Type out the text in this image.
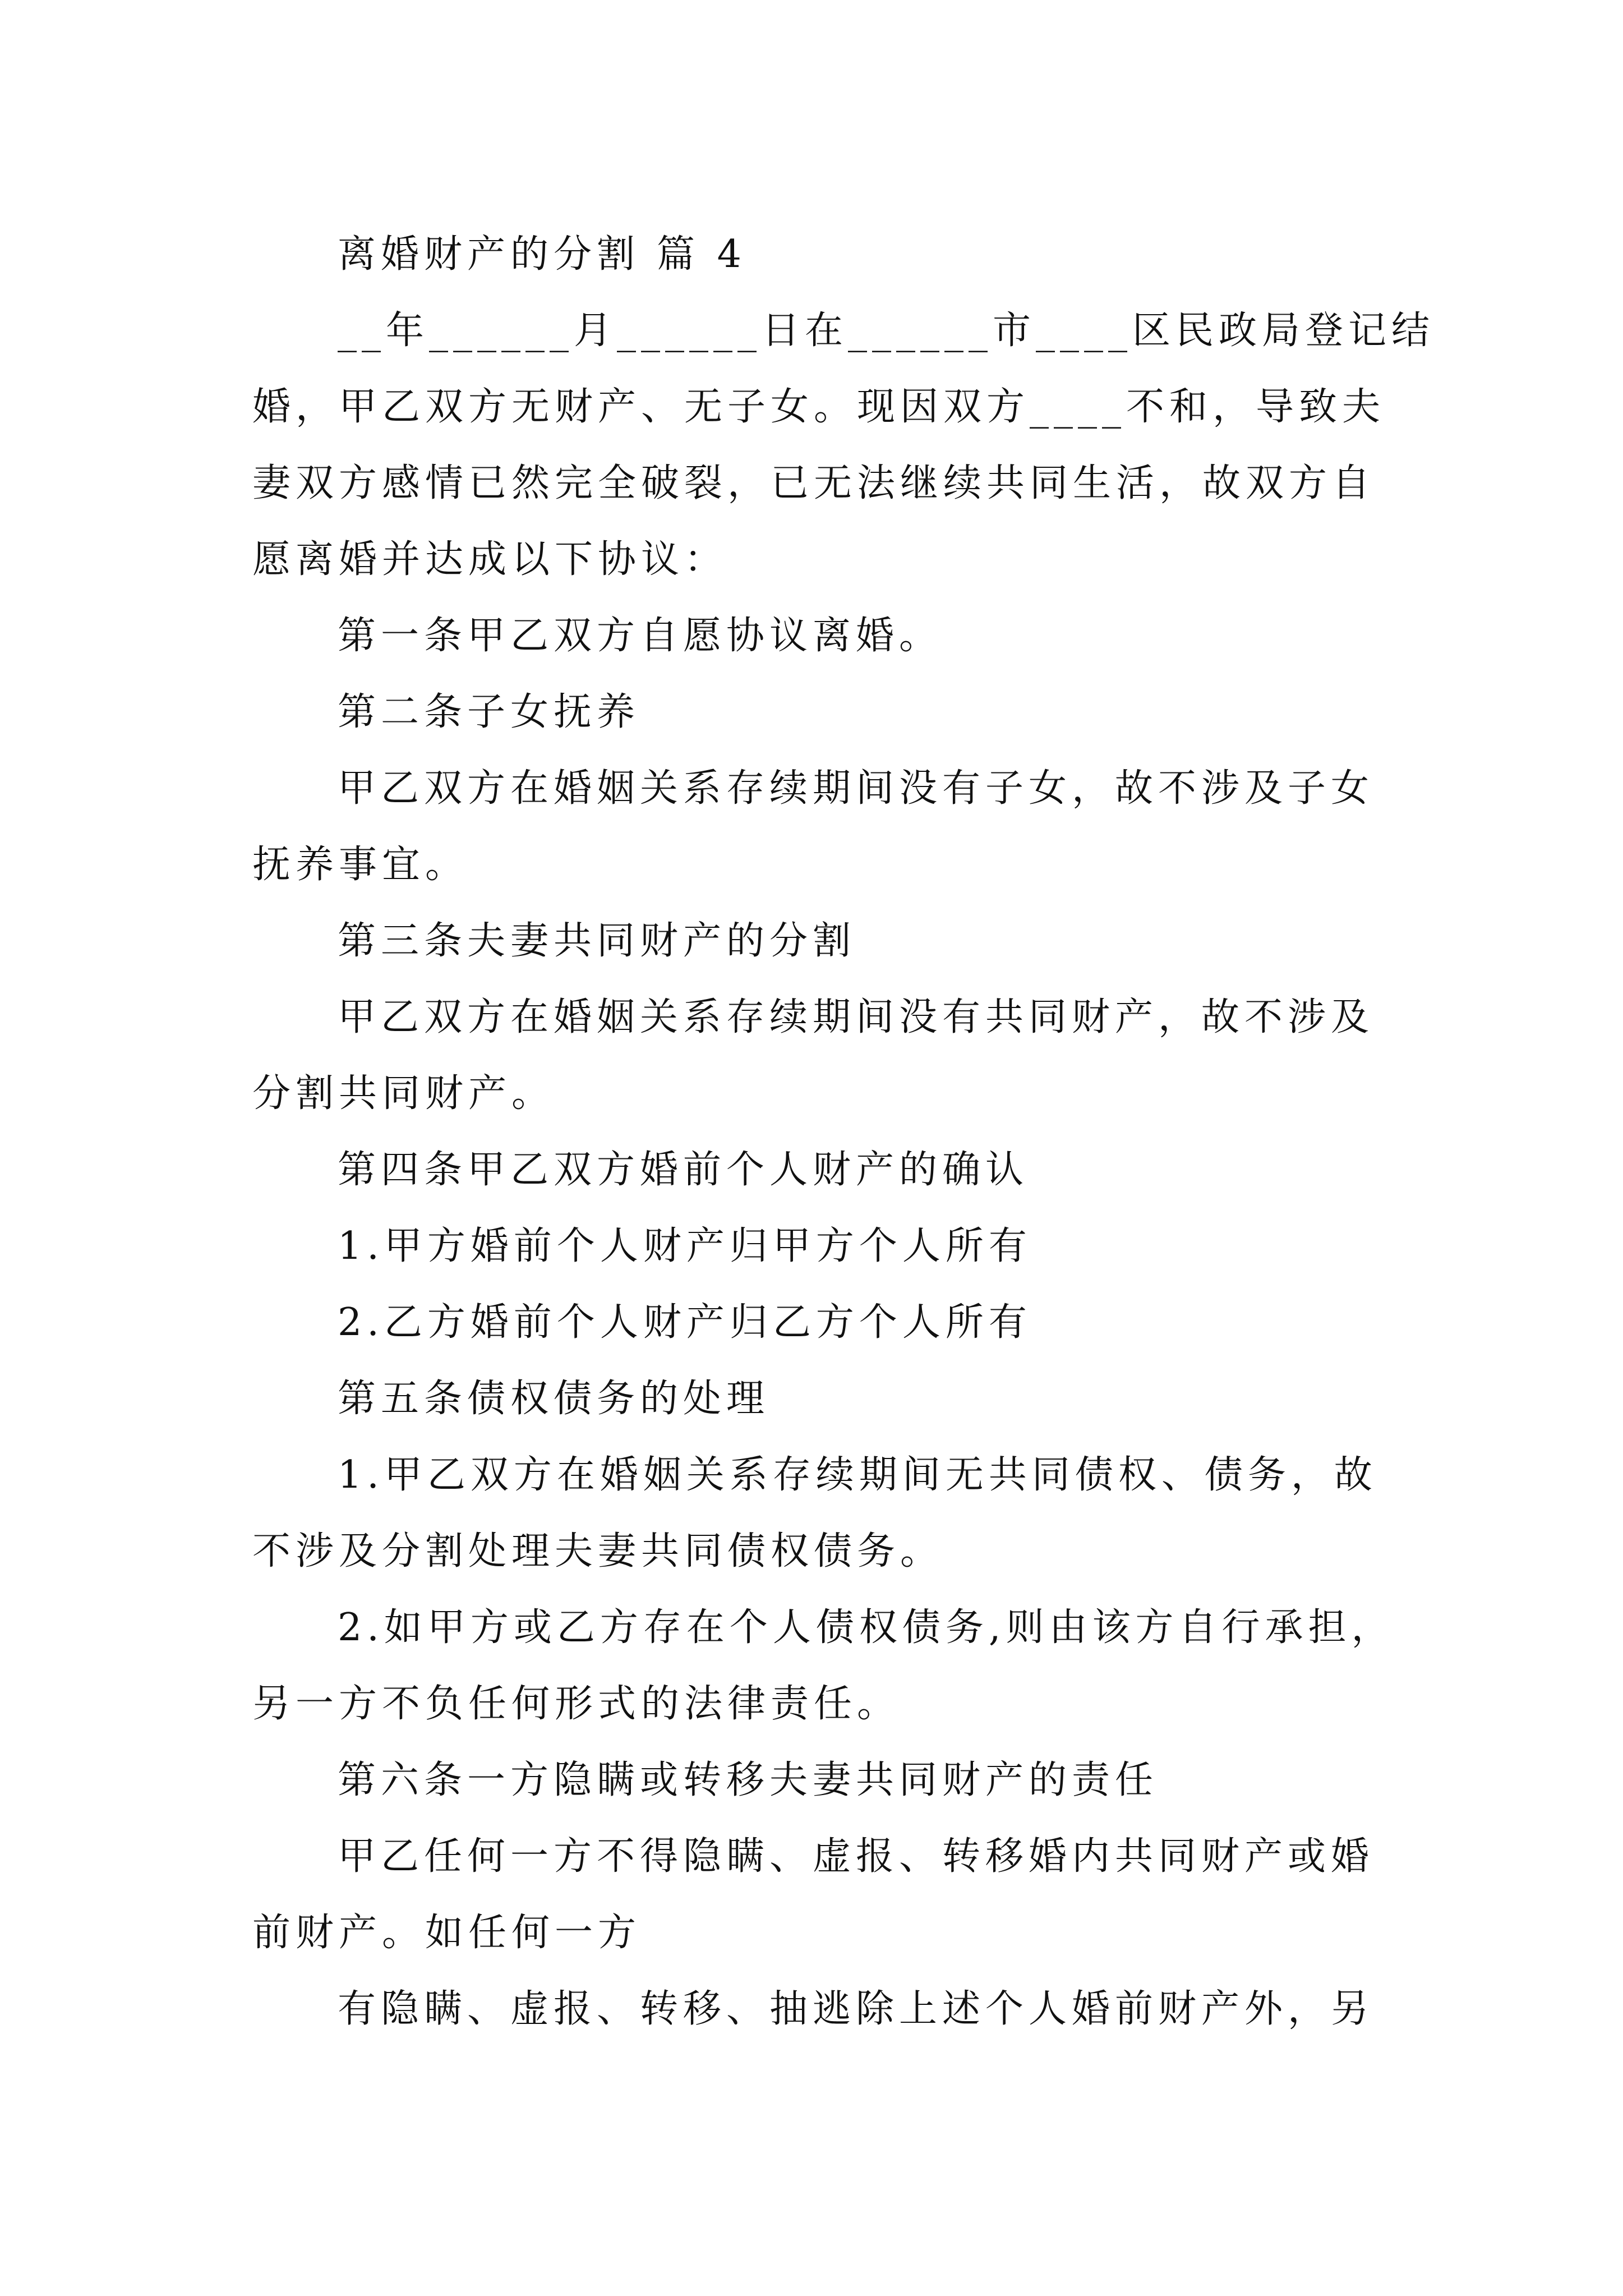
离婚财产的分割 篇 4

__年______月______日在______市____区民政局登记结

婚，甲乙双方无财产、无子女。现因双方____不和，导致夫

妻双方感情已然完全破裂，已无法继续共同生活，故双方自

愿离婚并达成以下协议：

第一条甲乙双方自愿协议离婚。

第二条子女抚养

甲乙双方在婚姻关系存续期间没有子女，故不涉及子女

抚养事宜。

第三条夫妻共同财产的分割

甲乙双方在婚姻关系存续期间没有共同财产，故不涉及

分割共同财产。

第四条甲乙双方婚前个人财产的确认

1.甲方婚前个人财产归甲方个人所有

2.乙方婚前个人财产归乙方个人所有

第五条债权债务的处理

1.甲乙双方在婚姻关系存续期间无共同债权、债务，故

不涉及分割处理夫妻共同债权债务。

2.如甲方或乙方存在个人债权债务,则由该方自行承担，

另一方不负任何形式的法律责任。

第六条一方隐瞒或转移夫妻共同财产的责任

甲乙任何一方不得隐瞒、虚报、转移婚内共同财产或婚

前财产。如任何一方

有隐瞒、虚报、转移、抽逃除上述个人婚前财产外，另
